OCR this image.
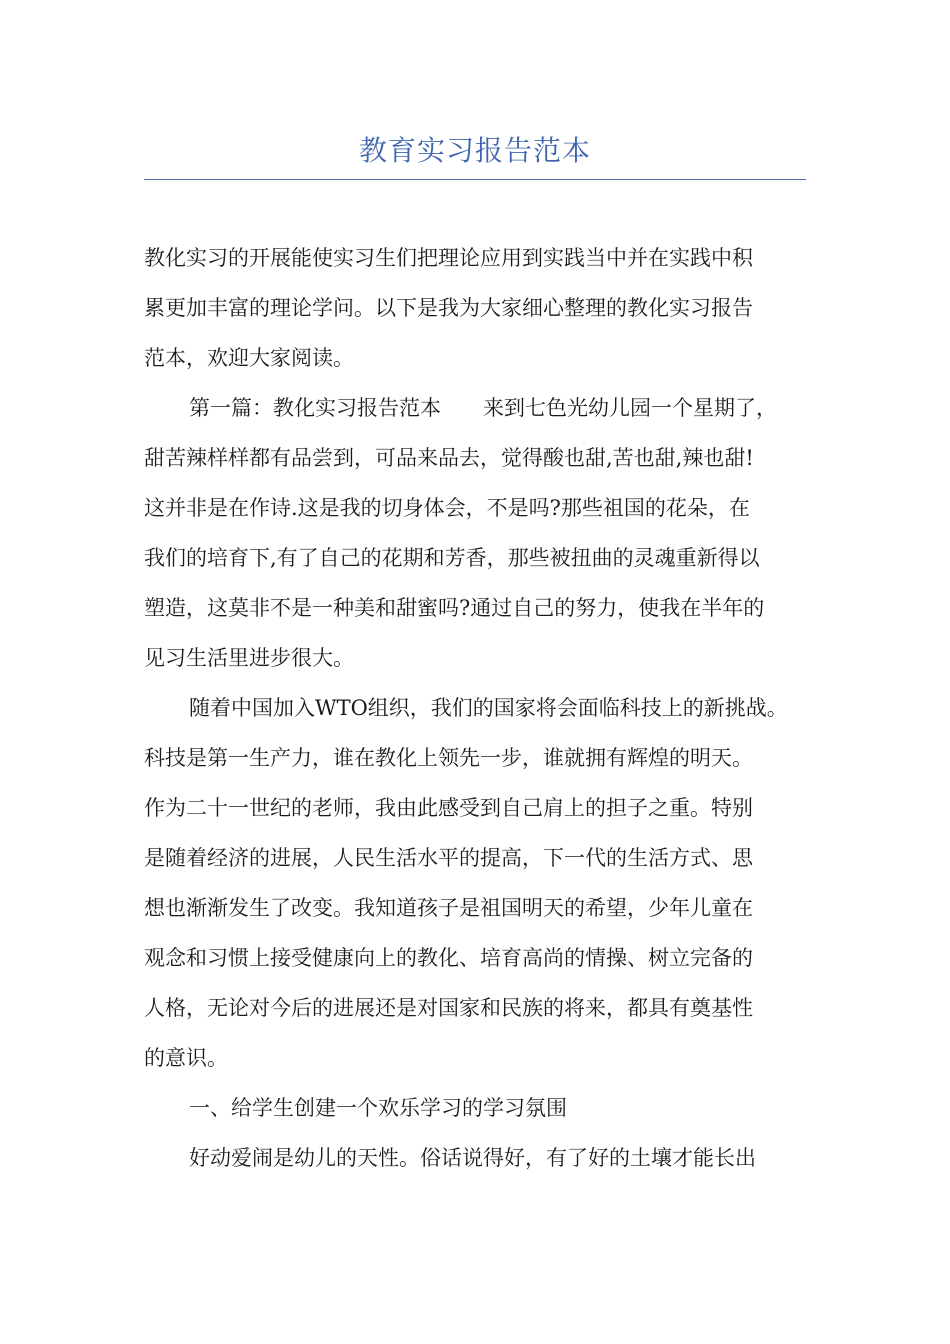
教育实习报告范本

教化实习的开展能使实习生们把理论应用到实践当中并在实践中积
累更加丰富的理论学问。以下是我为大家细心整理的教化实习报告
范本，欢迎大家阅读。

第一篇：教化实习报告范本　　来到七色光幼儿园一个星期了，
甜苦辣样样都有品尝到，可品来品去，觉得酸也甜,苦也甜,辣也甜!
这并非是在作诗.这是我的切身体会，不是吗?那些祖国的花朵，在
我们的培育下,有了自己的花期和芳香，那些被扭曲的灵魂重新得以
塑造，这莫非不是一种美和甜蜜吗?通过自己的努力，使我在半年的
见习生活里进步很大。

随着中国加入WTO组织，我们的国家将会面临科技上的新挑战。
科技是第一生产力，谁在教化上领先一步，谁就拥有辉煌的明天。
作为二十一世纪的老师，我由此感受到自己肩上的担子之重。特别
是随着经济的进展，人民生活水平的提高，下一代的生活方式、思
想也渐渐发生了改变。我知道孩子是祖国明天的希望，少年儿童在
观念和习惯上接受健康向上的教化、培育高尚的情操、树立完备的
人格，无论对今后的进展还是对国家和民族的将来，都具有奠基性
的意识。

一、给学生创建一个欢乐学习的学习氛围

好动爱闹是幼儿的天性。俗话说得好，有了好的土壤才能长出
